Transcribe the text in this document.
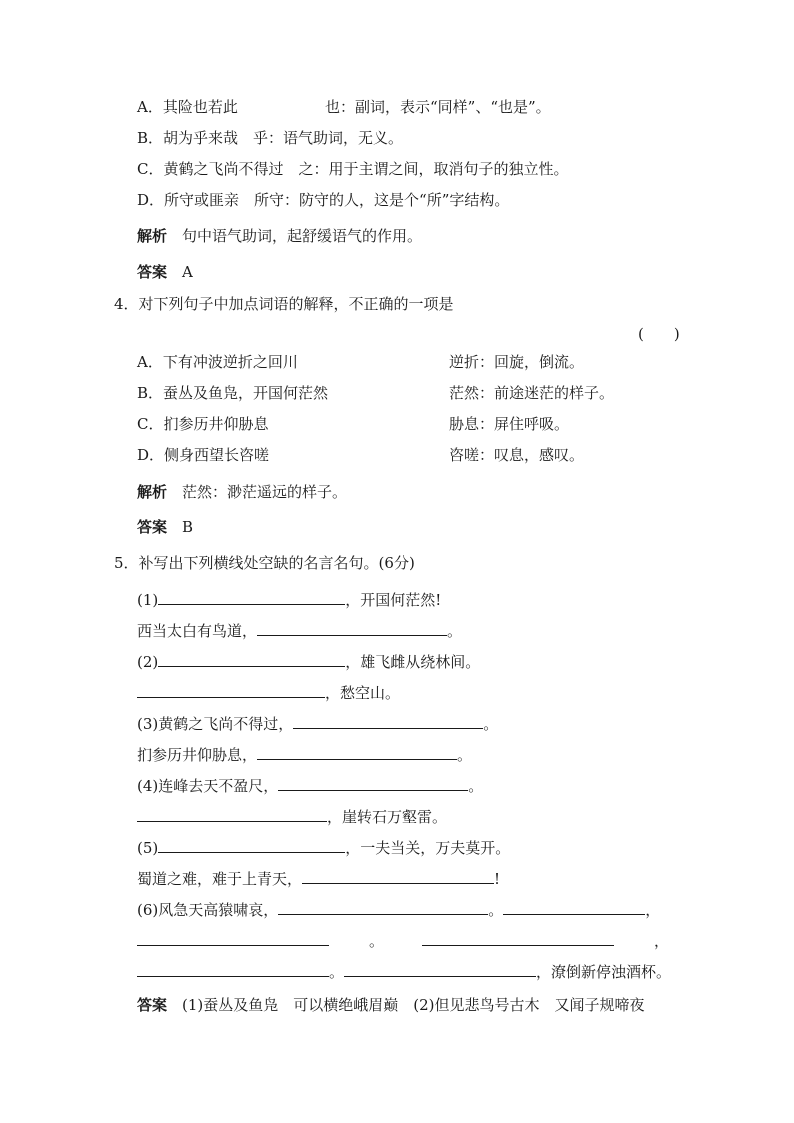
A．其险也若此	也：副词，表示“同样”、“也是”。
B．胡为乎来哉　乎：语气助词，无义。
C．黄鹤之飞尚不得过　之：用于主谓之间，取消句子的独立性。
D．所守或匪亲　所守：防守的人，这是个“所”字结构。
解析　 句中语气助词，起舒缓语气的作用。
答案　 A
4．对下列句子中加点词语的解释，不正确的一项是
(　　)
A．下有冲波逆折之回川	逆折：回旋，倒流。
B．蚕丛及鱼凫，开国何茫然	茫然：前途迷茫的样子。
C．扪参历井仰胁息	胁息：屏住呼吸。
D．侧身西望长咨嗟	咨嗟：叹息，感叹。
解析　 茫然：渺茫遥远的样子。
答案　 B
5．补写出下列横线处空缺的名言名句。(6分)
(1)	，开国何茫然!
西当太白有鸟道，	。
(2)	，雄飞雌从绕林间。
，愁空山。
(3)黄鹤之飞尚不得过，	。
扪参历井仰胁息，	。
(4)连峰去天不盈尺，	。
，崖转石万壑雷。
(5)	，一夫当关，万夫莫开。
蜀道之难，难于上青天，	!
(6)风急天高猿啸哀，	。	，
。	，
。	，潦倒新停浊酒杯。
答案　 (1)蚕丛及鱼凫　可以横绝峨眉巅　(2)但见悲鸟号古木　又闻子规啼夜
